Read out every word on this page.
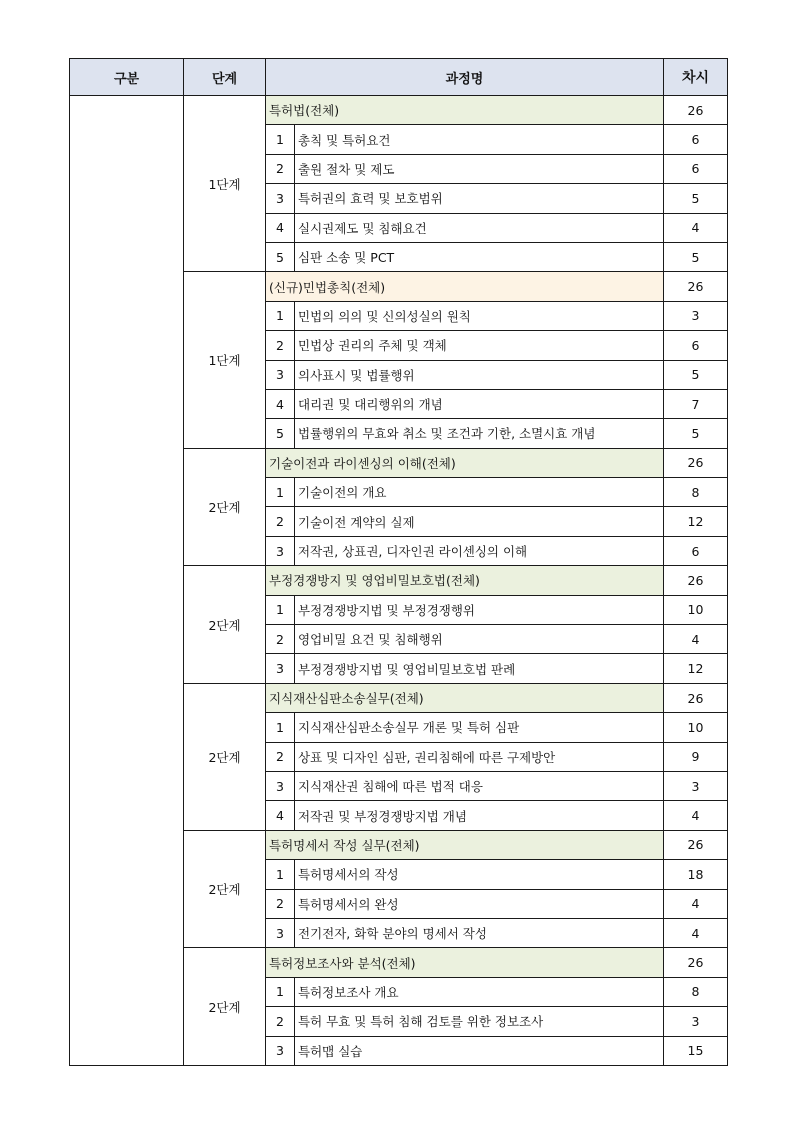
구분	단계	과정명		차시
	1단계	특허법(전체)		26
		1	총칙 및 특허요건	6
		2	출원 절차 및 제도	6
		3	특허권의 효력 및 보호범위	5
		4	실시권제도 및 침해요건	4
		5	심판 소송 및 PCT	5
	1단계	(신규)민법총칙(전체)		26
		1	민법의 의의 및 신의성실의 원칙	3
		2	민법상 권리의 주체 및 객체	6
		3	의사표시 및 법률행위	5
		4	대리권 및 대리행위의 개념	7
		5	법률행위의 무효와 취소 및 조건과 기한, 소멸시효 개념	5
	2단계	기술이전과 라이센싱의 이해(전체)		26
		1	기술이전의 개요	8
		2	기술이전 계약의 실제	12
		3	저작권, 상표권, 디자인권 라이센싱의 이해	6
	2단계	부정경쟁방지 및 영업비밀보호법(전체)		26
		1	부정경쟁방지법 및 부정경쟁행위	10
		2	영업비밀 요건 및 침해행위	4
		3	부정경쟁방지법 및 영업비밀보호법 판례	12
	2단계	지식재산심판소송실무(전체)		26
		1	지식재산심판소송실무 개론 및 특허 심판	10
		2	상표 및 디자인 심판, 권리침해에 따른 구제방안	9
		3	지식재산권 침해에 따른 법적 대응	3
		4	저작권 및 부정경쟁방지법 개념	4
	2단계	특허명세서 작성 실무(전체)		26
		1	특허명세서의 작성	18
		2	특허명세서의 완성	4
		3	전기전자, 화학 분야의 명세서 작성	4
	2단계	특허정보조사와 분석(전체)		26
		1	특허정보조사 개요	8
		2	특허 무효 및 특허 침해 검토를 위한 정보조사	3
		3	특허맵 실습	15
